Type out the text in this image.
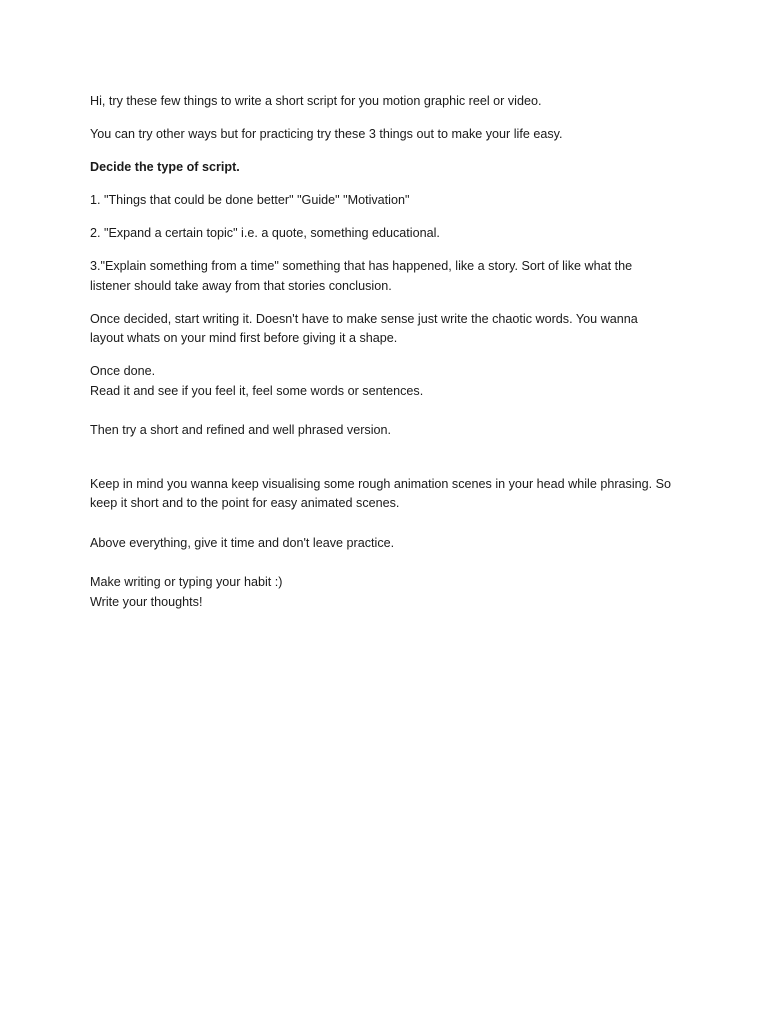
Hi, try these few things to write a short script for you motion graphic reel or video.

You can try other ways but for practicing try these 3 things out to make your life easy.

Decide the type of script.

1. "Things that could be done better" "Guide" "Motivation"

2. "Expand a certain topic" i.e. a quote, something educational.

3."Explain something from a time" something that has happened, like a story. Sort of like what the
listener should take away from that stories conclusion.

Once decided, start writing it. Doesn't have to make sense just write the chaotic words. You wanna
layout whats on your mind first before giving it a shape.

Once done.
Read it and see if you feel it, feel some words or sentences.

Then try a short and refined and well phrased version.

Keep in mind you wanna keep visualising some rough animation scenes in your head while phrasing. So
keep it short and to the point for easy animated scenes.

Above everything, give it time and don't leave practice.

Make writing or typing your habit :)
Write your thoughts!
